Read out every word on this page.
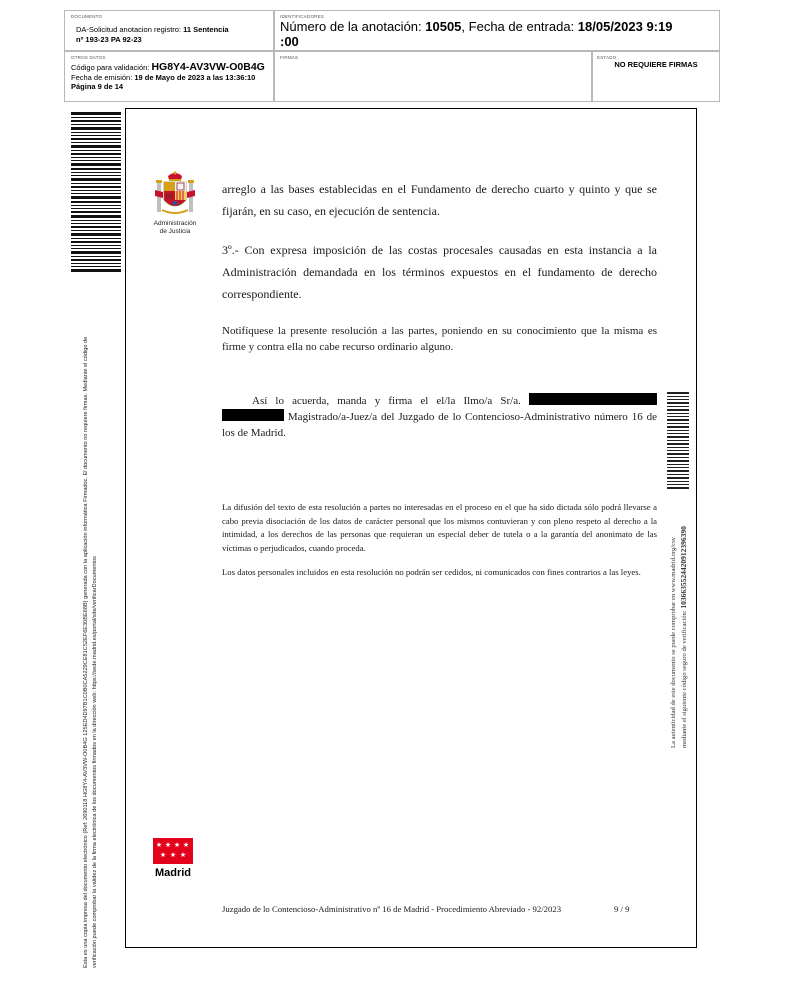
DOCUMENTO
DA-Solicitud anotacion registro: 11 Sentencia
nº 193-23 PA 92-23
IDENTIFICADORES
Número de la anotación: 10505, Fecha de entrada: 18/05/2023 9:19
:00
OTROS DATOS
Código para validación: HG8Y4-AV3VW-O0B4G
Fecha de emisión: 19 de Mayo de 2023 a las 13:36:10
Página 9 de 14
FIRMAS	ESTADO
NO REQUIERE FIRMAS
Esta es una copia impresa del documento electrónico (Ref: 2690118 HG8Y4-AV3VW-O0B4G 125ED4D97B1C0B0CA5229CE81C52EF6E30BE68B) generada con la aplicación informática Firmadoc. El documento no requiere firmas. Mediante el código de verificación puede comprobar la validez de la firma electrónica de los documentos firmados en la dirección web: https://sede.madrid.es/portal/site/verificarDocumentos
Administración
de Justicia
★ ★ ★ ★
★ ★ ★
Madrid
arreglo a las bases establecidas en el Fundamento de derecho cuarto y quinto y que se fijarán, en su caso, en ejecución de sentencia.
3º.- Con expresa imposición de las costas procesales causadas en esta instancia a la Administración demandada en los términos expuestos en el fundamento de derecho correspondiente.
Notifíquese la presente resolución a las partes, poniendo en su conocimiento que la misma es firme y contra ella no cabe recurso ordinario alguno.
Así lo acuerda, manda y firma el el/la Ilmo/a Sr/a.   Magistrado/a-Juez/a del Juzgado de lo Contencioso-Administrativo número 16 de los de Madrid.
La difusión del texto de esta resolución a partes no interesadas en el proceso en el que ha sido dictada sólo podrá llevarse a cabo previa disociación de los datos de carácter personal que los mismos contuvieran y con pleno respeto al derecho a la intimidad, a los derechos de las personas que requieran un especial deber de tutela o a la garantía del anonimato de las víctimas o perjudicados, cuando proceda.
Los datos personales incluidos en esta resolución no podrán ser cedidos, ni comunicados con fines contrarios a las leyes.	La autenticidad de este documento se puede comprobar en www.madrid.org/csv mediante el siguiente código seguro de verificación: 1036635524420912396390
Juzgado de lo Contencioso-Administrativo nº 16 de Madrid - Procedimiento Abreviado - 92/2023	9 / 9
